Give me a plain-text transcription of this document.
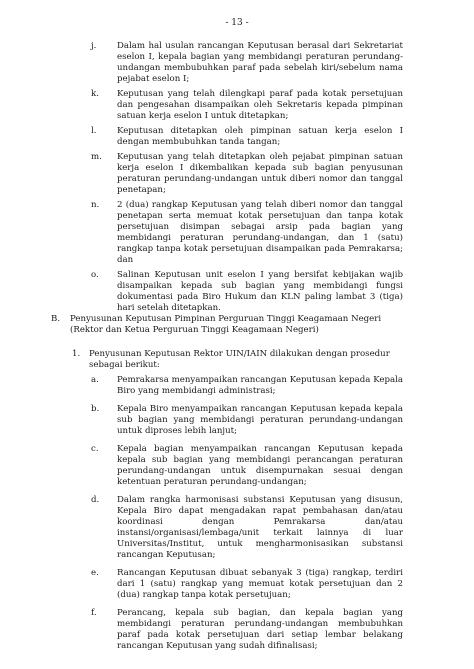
- 13 -
j. Dalam hal usulan rancangan Keputusan berasal dari Sekretariat eselon I, kepala bagian yang membidangi peraturan perundang-undangan membubuhkan paraf pada sebelah kiri/sebelum nama pejabat eselon I;
k. Keputusan yang telah dilengkapi paraf pada kotak persetujuan dan pengesahan disampaikan oleh Sekretaris kepada pimpinan satuan kerja eselon I untuk ditetapkan;
l. Keputusan ditetapkan oleh pimpinan satuan kerja eselon I dengan membubuhkan tanda tangan;
m. Keputusan yang telah ditetapkan oleh pejabat pimpinan satuan kerja eselon I dikembalikan kepada sub bagian penyusunan peraturan perundang-undangan untuk diberi nomor dan tanggal penetapan;
n. 2 (dua) rangkap Keputusan yang telah diberi nomor dan tanggal penetapan serta memuat kotak persetujuan dan tanpa kotak persetujuan disimpan sebagai arsip pada bagian yang membidangi peraturan perundang-undangan, dan 1 (satu) rangkap tanpa kotak persetujuan disampaikan pada Pemrakarsa; dan
o. Salinan Keputusan unit eselon I yang bersifat kebijakan wajib disampaikan kepada sub bagian yang membidangi fungsi dokumentasi pada Biro Hukum dan KLN paling lambat 3 (tiga) hari setelah ditetapkan.
B. Penyusunan Keputusan Pimpinan Perguruan Tinggi Keagamaan Negeri (Rektor dan Ketua Perguruan Tinggi Keagamaan Negeri)
1. Penyusunan Keputusan Rektor UIN/IAIN dilakukan dengan prosedur sebagai berikut:
a. Pemrakarsa menyampaikan rancangan Keputusan kepada Kepala Biro yang membidangi administrasi;
b. Kepala Biro menyampaikan rancangan Keputusan kepada kepala sub bagian yang membidangi peraturan perundang-undangan untuk diproses lebih lanjut;
c. Kepala bagian menyampaikan rancangan Keputusan kepada kepala sub bagian yang membidangi perancangan peraturan perundang-undangan untuk disempurnakan sesuai dengan ketentuan peraturan perundang-undangan;
d. Dalam rangka harmonisasi substansi Keputusan yang disusun, Kepala Biro dapat mengadakan rapat pembahasan dan/atau koordinasi dengan Pemrakarsa dan/atau instansi/organisasi/lembaga/unit terkait lainnya di luar Universitas/Institut, untuk mengharmonisasikan substansi rancangan Keputusan;
e. Rancangan Keputusan dibuat sebanyak 3 (tiga) rangkap, terdiri dari 1 (satu) rangkap yang memuat kotak persetujuan dan 2 (dua) rangkap tanpa kotak persetujuan;
f. Perancang, kepala sub bagian, dan kepala bagian yang membidangi peraturan perundang-undangan membubuhkan paraf pada kotak persetujuan dari setiap lembar belakang rancangan Keputusan yang sudah difinalisasi;
